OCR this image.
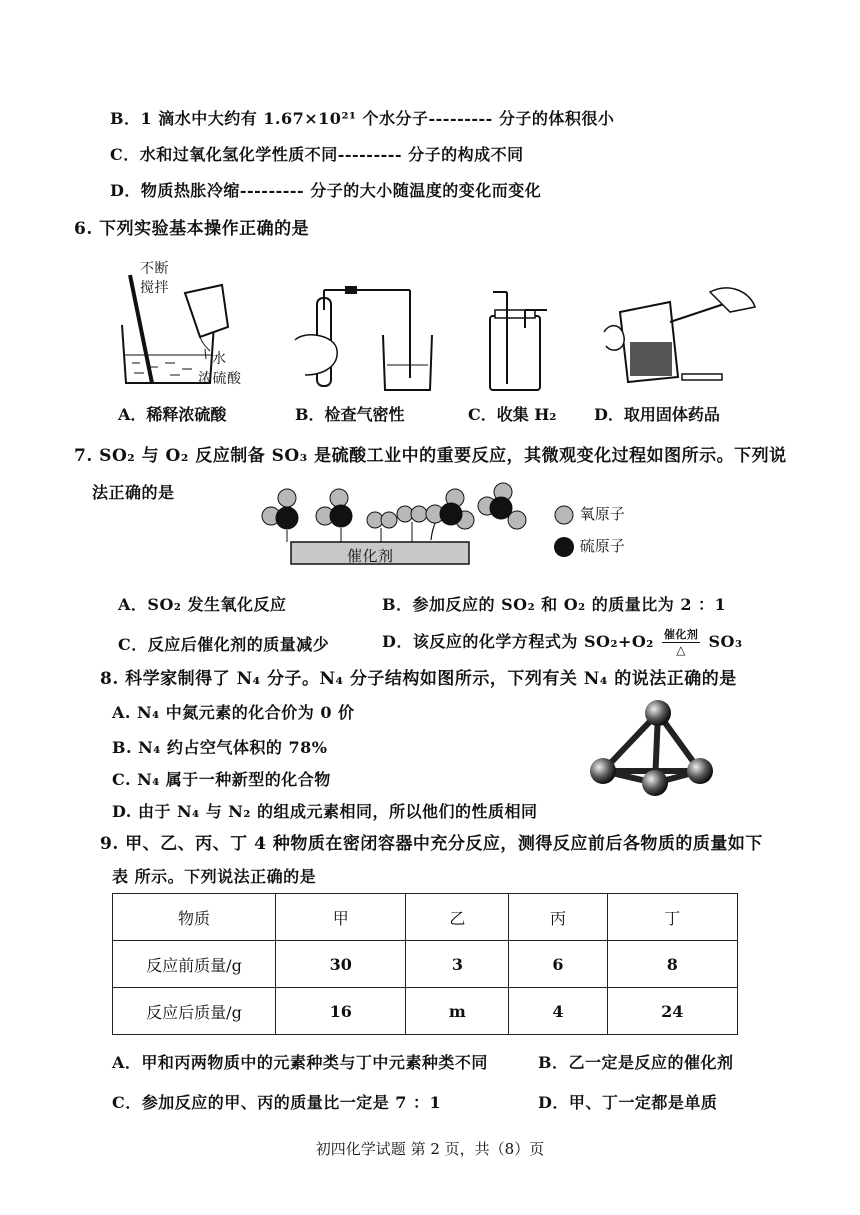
B．1 滴水中大约有 1.67×10²¹ 个水分子--------- 分子的体积很小
C．水和过氧化氢化学性质不同--------- 分子的构成不同
D．物质热胀冷缩--------- 分子的大小随温度的变化而变化
6. 下列实验基本操作正确的是
不断
搅拌
水
浓硫酸
A．稀释浓硫酸	B．检查气密性	C．收集 H₂ D．取用固体药品
7. SO₂ 与 O₂ 反应制备 SO₃ 是硫酸工业中的重要反应，其微观变化过程如图所示。下列说
法正确的是
催化剂
氧原子
硫原子
A．SO₂ 发生氧化反应	B．参加反应的 SO₂ 和 O₂ 的质量比为 2 ：1
C．反应后催化剂的质量减少	D．该反应的化学方程式为 $SO_2+O_2 \frac{\text{催化剂}}{\triangle} SO_3$
8. 科学家制得了 N₄ 分子。N₄ 分子结构如图所示，下列有关 N₄ 的说法正确的是
A. N₄ 中氮元素的化合价为 0 价
B. N₄ 约占空气体积的 78%
C. N₄ 属于一种新型的化合物
D. 由于 N₄ 与 N₂ 的组成元素相同，所以他们的性质相同
9. 甲、乙、丙、丁 4 种物质在密闭容器中充分反应，测得反应前后各物质的质量如下
表 所示。下列说法正确的是
物质	甲	乙	丙	丁
反应前质量/g	30	3	6	8
反应后质量/g	16	m	4	24
A．甲和丙两物质中的元素种类与丁中元素种类不同	B．乙一定是反应的催化剂
C．参加反应的甲、丙的质量比一定是 7 ：1	D．甲、丁一定都是单质
初四化学试题 第 2 页，共（8）页
